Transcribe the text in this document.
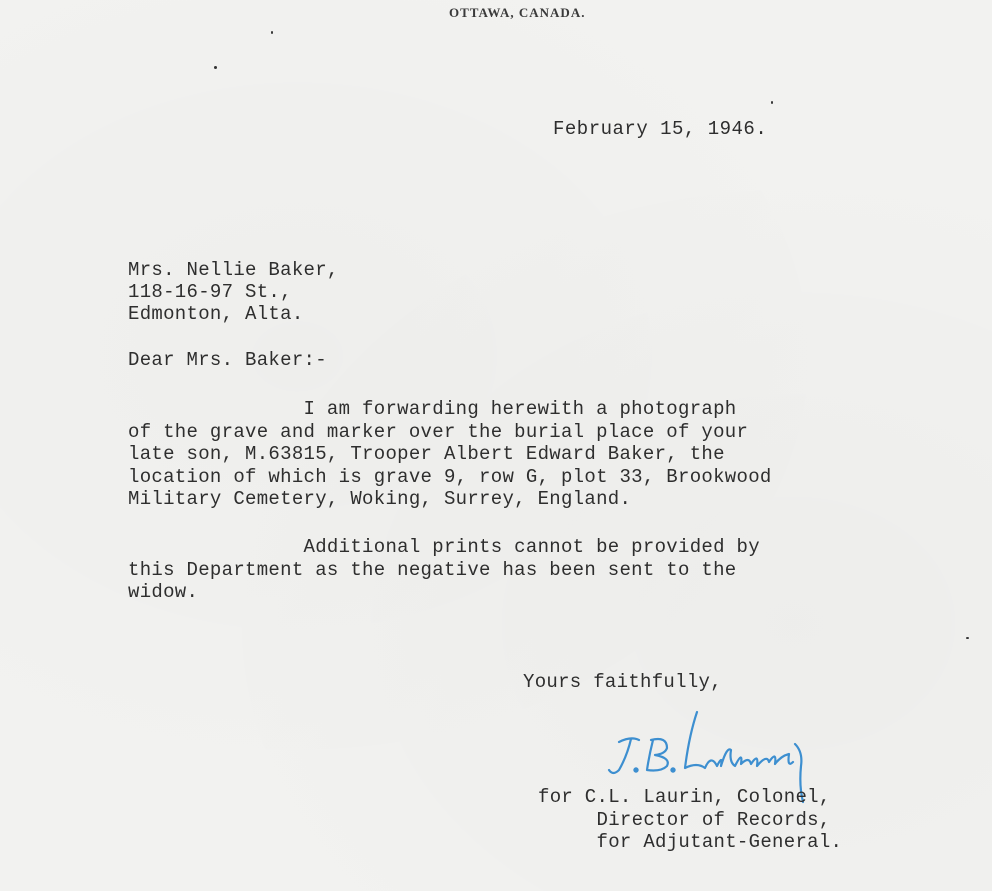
OTTAWA, CANADA.
February 15, 1946.
Mrs. Nellie Baker,
118-16-97 St.,
Edmonton, Alta.
Dear Mrs. Baker:-
I am forwarding herewith a photograph
of the grave and marker over the burial place of your
late son, M.63815, Trooper Albert Edward Baker, the
location of which is grave 9, row G, plot 33, Brookwood
Military Cemetery, Woking, Surrey, England.
Additional prints cannot be provided by
this Department as the negative has been sent to the
widow.
Yours faithfully,
for C.L. Laurin, Colonel,
Director of Records,
for Adjutant-General.
